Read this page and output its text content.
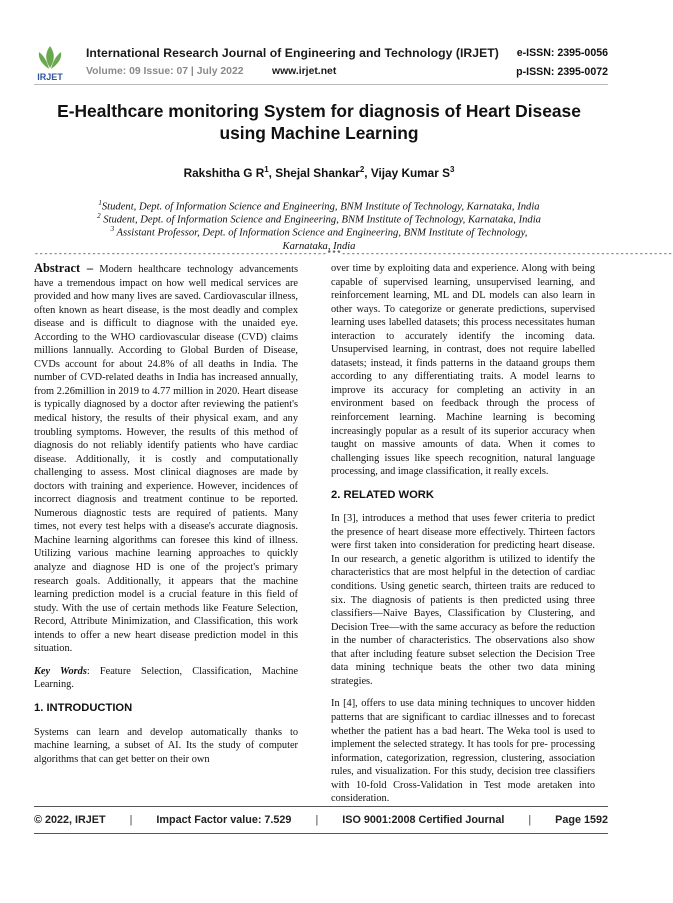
IRJET
International Research Journal of Engineering and Technology (IRJET) e-ISSN: 2395-0056
Volume: 09 Issue: 07 | July 2022	www.irjet.net	p-ISSN: 2395-0072
E-Healthcare monitoring System for diagnosis of Heart Disease using Machine Learning
Rakshitha G $R^1$, Shejal Shankar$^2$, Vijay Kumar $S^3$
$^1$Student, Dept. of Information Science and Engineering, BNM Institute of Technology, Karnataka, India
$^2$ Student, Dept. of Information Science and Engineering, BNM Institute of Technology, Karnataka, India
$^3$ Assistant Professor, Dept. of Information Science and Engineering, BNM Institute of Technology, Karnataka, India
-------------------------------------------------------------***---------------------------------------------------------------------

Abstract – Modern healthcare technology advancements have a tremendous impact on how well medical services are provided and how many lives are saved. Cardiovascular illness, often known as heart disease, is the most deadly and complex disease and is difficult to diagnose with the unaided eye. According to the WHO cardiovascular disease (CVD) claims millions lannually. According to Global Burden of Disease, CVDs account for about 24.8% of all deaths in India. The number of CVD-related deaths in India has increased annually, from 2.26million in 2019 to 4.77 million in 2020. Heart disease is typically diagnosed by a doctor after reviewing the patient's medical history, the results of their physical exam, and any troubling symptoms. However, the results of this method of diagnosis do not reliably identify patients who have cardiac disease. Additionally, it is costly and computationally challenging to assess. Most clinical diagnoses are made by doctors with training and experience. However, incidences of incorrect diagnosis and treatment continue to be reported. Numerous diagnostic tests are required of patients. Many times, not every test helps with a disease's accurate diagnosis. Machine learning algorithms can foresee this kind of illness. Utilizing various machine learning approaches to quickly analyze and diagnose HD is one of the project's primary research goals. Additionally, it appears that the machine learning prediction model is a crucial feature in this field of study. With the use of certain methods like Feature Selection, Record, Attribute Minimization, and Classification, this work intends to offer a new heart disease prediction model in this situation.

Key Words: Feature Selection, Classification, Machine Learning.

1. INTRODUCTION

Systems can learn and develop automatically thanks to machine learning, a subset of AI. Its the study of computer algorithms that can get better on their own

over time by exploiting data and experience. Along with being capable of supervised learning, unsupervised learning, and reinforcement learning, ML and DL models can also learn in other ways. To categorize or generate predictions, supervised learning uses labelled datasets; this process necessitates human interaction to accurately identify the incoming data. Unsupervised learning, in contrast, does not require labelled datasets; instead, it finds patterns in the dataand groups them according to any differentiating traits. A model learns to improve its accuracy for completing an activity in an environment based on feedback through the process of reinforcement learning. Machine learning is becoming increasingly popular as a result of its superior accuracy when taught on massive amounts of data. When it comes to challenging issues like speech recognition, natural language processing, and image classification, it really excels.

2. RELATED WORK

In [3], introduces a method that uses fewer criteria to predict the presence of heart disease more effectively. Thirteen factors were first taken into consideration for predicting heart disease. In our research, a genetic algorithm is utilized to identify the characteristics that are most helpful in the detection of cardiac conditions. Using genetic search, thirteen traits are reduced to six. The diagnosis of patients is then predicted using three classifiers—Naive Bayes, Classification by Clustering, and Decision Tree—with the same accuracy as before the reduction in the number of characteristics. The observations also show that after including feature subset selection the Decision Tree data mining technique beats the other two data mining strategies.

In [4], offers to use data mining techniques to uncover hidden patterns that are significant to cardiac illnesses and to forecast whether the patient has a bad heart. The Weka tool is used to implement the selected strategy. It has tools for pre- processing information, categorization, regression, clustering, association rules, and visualization. For this study, decision tree classifiers with 10-fold Cross-Validation in Test mode aretaken into consideration.

© 2022, IRJET | Impact Factor value: 7.529 | ISO 9001:2008 Certified Journal | Page 1592
